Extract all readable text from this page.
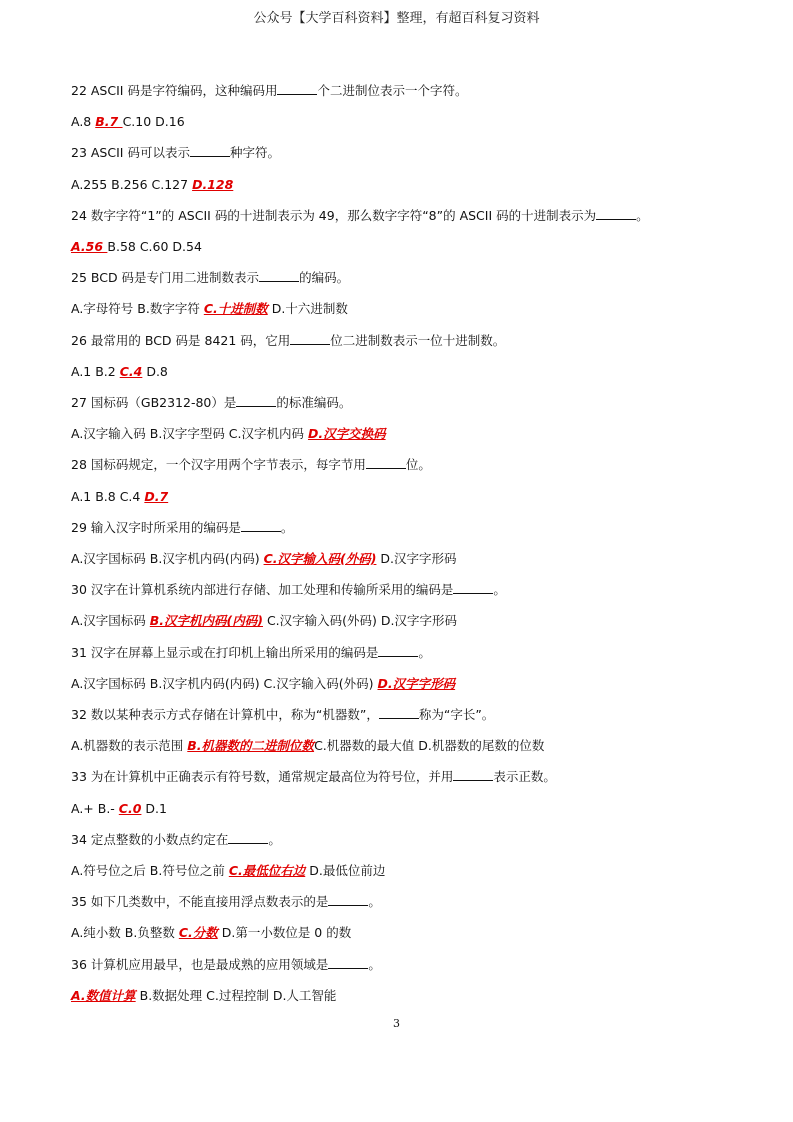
公众号【大学百科资料】整理，有超百科复习资料
22 ASCII 码是字符编码，这种编码用	个二进制位表示一个字符。
A.8 B.7 C.10 D.16
23 ASCII 码可以表示	种字符。
A.255 B.256 C.127 D.128
24 数字字符“1”的 ASCII 码的十进制表示为 49，那么数字字符“8”的 ASCII 码的十进制表示为	。
A.56 B.58 C.60 D.54
25 BCD 码是专门用二进制数表示	的编码。
A.字母符号 B.数字字符 C.十进制数 D.十六进制数
26 最常用的 BCD 码是 8421 码，它用	位二进制数表示一位十进制数。
A.1 B.2 C.4 D.8
27 国标码（GB2312-80）是	的标准编码。
A.汉字输入码 B.汉字字型码 C.汉字机内码 D.汉字交换码
28 国标码规定，一个汉字用两个字节表示，每字节用	位。
A.1 B.8 C.4 D.7
29 输入汉字时所采用的编码是	。
A.汉字国标码 B.汉字机内码(内码) C.汉字输入码(外码) D.汉字字形码
30 汉字在计算机系统内部进行存储、加工处理和传输所采用的编码是	。
A.汉字国标码 B.汉字机内码(内码) C.汉字输入码(外码) D.汉字字形码
31 汉字在屏幕上显示或在打印机上输出所采用的编码是	。
A.汉字国标码 B.汉字机内码(内码) C.汉字输入码(外码) D.汉字字形码
32 数以某种表示方式存储在计算机中，称为“机器数”，	称为“字长”。
A.机器数的表示范围 B.机器数的二进制位数C.机器数的最大值 D.机器数的尾数的位数
33 为在计算机中正确表示有符号数，通常规定最高位为符号位，并用	表示正数。
A.+ B.- C.0 D.1
34 定点整数的小数点约定在	。
A.符号位之后 B.符号位之前 C.最低位右边 D.最低位前边
35 如下几类数中，不能直接用浮点数表示的是	。
A.纯小数 B.负整数 C.分数 D.第一小数位是 0 的数
36 计算机应用最早，也是最成熟的应用领域是	。
A.数值计算 B.数据处理 C.过程控制 D.人工智能
3
